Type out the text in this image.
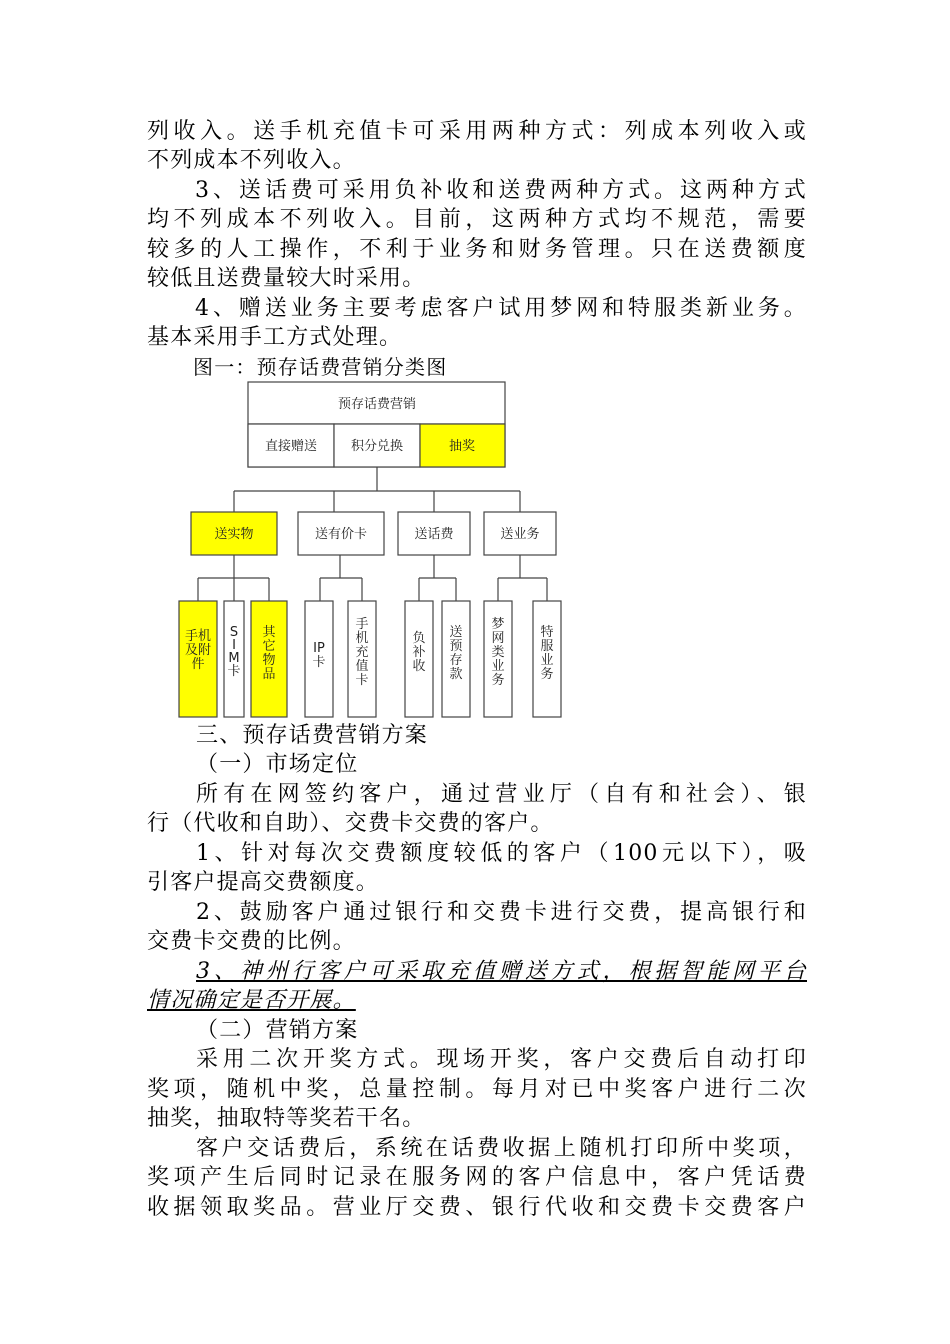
列收入。送手机充值卡可采用两种方式：列成本列收入或
不列成本不列收入。
3、送话费可采用负补收和送费两种方式。这两种方式
均不列成本不列收入。目前，这两种方式均不规范，需要
较多的人工操作，不利于业务和财务管理。只在送费额度
较低且送费量较大时采用。
4、赠送业务主要考虑客户试用梦网和特服类新业务。
基本采用手工方式处理。
图一：预存话费营销分类图
预存话费营销
直接赠送	积分兑换	抽奖
送实物	送有价卡	送话费	送业务
手机
及附
件
S
I
M
卡
其
它
物
品
IP
卡
手
机
充
值
卡
负
补
收
送
预
存
款
梦
网
类
业
务
特
服
业
务
三、预存话费营销方案
（一）市场定位
所有在网签约客户，通过营业厅（自有和社会）、银
行（代收和自助）、交费卡交费的客户。
1、针对每次交费额度较低的客户（100元以下），吸
引客户提高交费额度。
2、鼓励客户通过银行和交费卡进行交费，提高银行和
交费卡交费的比例。
3、神州行客户可采取充值赠送方式，根据智能网平台
情况确定是否开展。
（二）营销方案
采用二次开奖方式。现场开奖，客户交费后自动打印
奖项，随机中奖，总量控制。每月对已中奖客户进行二次
抽奖，抽取特等奖若干名。
客户交话费后，系统在话费收据上随机打印所中奖项，
奖项产生后同时记录在服务网的客户信息中，客户凭话费
收据领取奖品。营业厅交费、银行代收和交费卡交费客户
